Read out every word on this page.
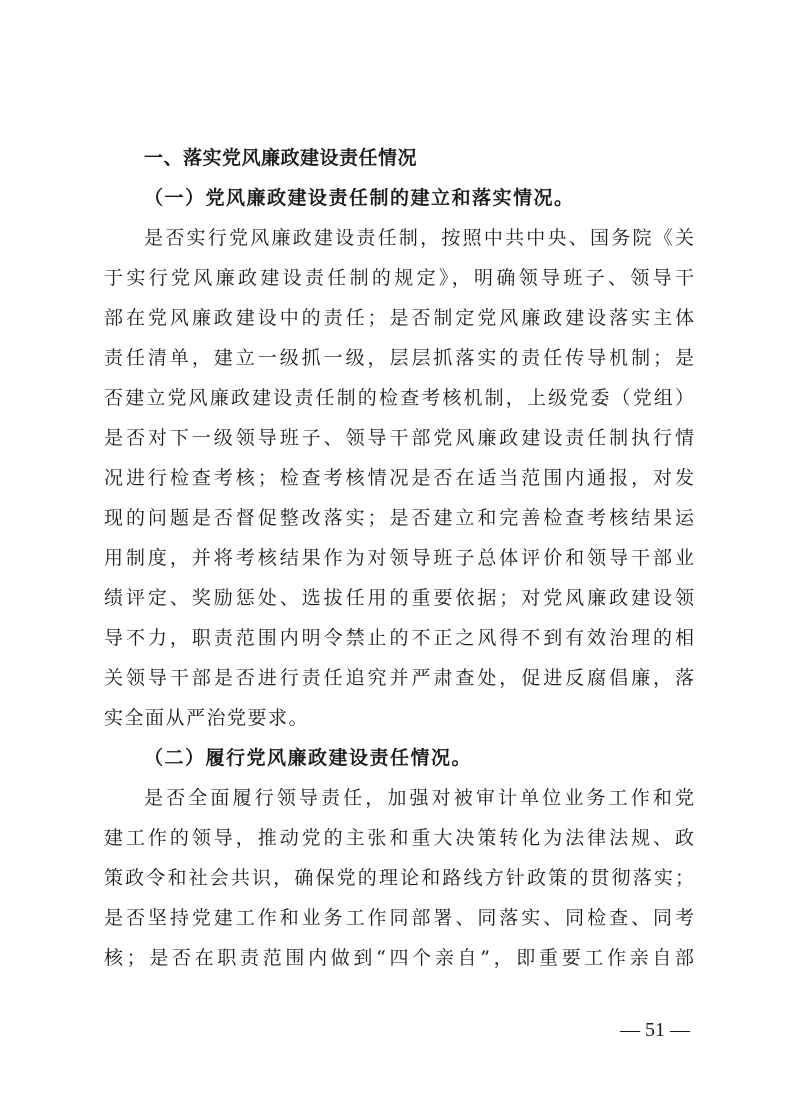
一、落实党风廉政建设责任情况
（一）党风廉政建设责任制的建立和落实情况。
是否实行党风廉政建设责任制，按照中共中央、国务院《关
于实行党风廉政建设责任制的规定》，明确领导班子、领导干
部在党风廉政建设中的责任；是否制定党风廉政建设落实主体
责任清单，建立一级抓一级，层层抓落实的责任传导机制；是
否建立党风廉政建设责任制的检查考核机制，上级党委（党组）
是否对下一级领导班子、领导干部党风廉政建设责任制执行情
况进行检查考核；检查考核情况是否在适当范围内通报，对发
现的问题是否督促整改落实；是否建立和完善检查考核结果运
用制度，并将考核结果作为对领导班子总体评价和领导干部业
绩评定、奖励惩处、选拔任用的重要依据；对党风廉政建设领
导不力，职责范围内明令禁止的不正之风得不到有效治理的相
关领导干部是否进行责任追究并严肃查处，促进反腐倡廉，落
实全面从严治党要求。
（二）履行党风廉政建设责任情况。
是否全面履行领导责任，加强对被审计单位业务工作和党
建工作的领导，推动党的主张和重大决策转化为法律法规、政
策政令和社会共识，确保党的理论和路线方针政策的贯彻落实；
是否坚持党建工作和业务工作同部署、同落实、同检查、同考
核；是否在职责范围内做到“四个亲自”，即重要工作亲自部
— 51 —
